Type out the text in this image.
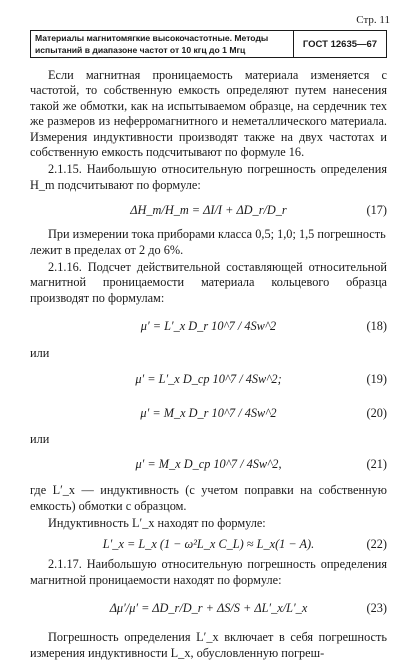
Стр. 11
Материалы магнитомягкие высокочастотные. Методы испытаний в диапазоне частот от 10 кгц до 1 Мгц
ГОСТ 12635—67

Если магнитная проницаемость материала изменяется с частотой, то собственную емкость определяют путем нанесения такой же обмотки, как на испытываемом образце, на сердечник тех же размеров из неферромагнитного и неметаллического материала. Измерения индуктивности производят также на двух частотах и собственную емкость подсчитывают по формуле 16.

2.1.15. Наибольшую относительную погрешность определения H_m подсчитывают по формуле:

ΔH_m/H_m = ΔI/I + ΔD_r/D_r	(17)

При измерении тока приборами класса 0,5; 1,0; 1,5 погрешность

лежит в пределах от 2 до 6%.

2.1.16. Подсчет действительной составляющей относительной магнитной проницаемости материала кольцевого образца производят по формулам:

μ′ = L′_x D_r 10^7 / 4Sw^2	(18)

или

μ′ = L′_x D_ср 10^7 / 4Sw^2;	(19)
μ′ = M_x D_r 10^7 / 4Sw^2	(20)

или

μ′ = M_x D_ср 10^7 / 4Sw^2,	(21)

где L′_x — индуктивность (с учетом поправки на собственную емкость) обмотки с образцом.

Индуктивность L′_x находят по формуле:

L′_x = L_x (1 − ω²L_x C_L) ≈ L_x(1 − A).	(22)

2.1.17. Наибольшую относительную погрешность определения магнитной проницаемости находят по формуле:

Δμ′/μ′ = ΔD_r/D_r + ΔS/S + ΔL′_x/L′_x	(23)

Погрешность определения L′_x включает в себя погрешность измерения индуктивности L_x, обусловленную погреш-
